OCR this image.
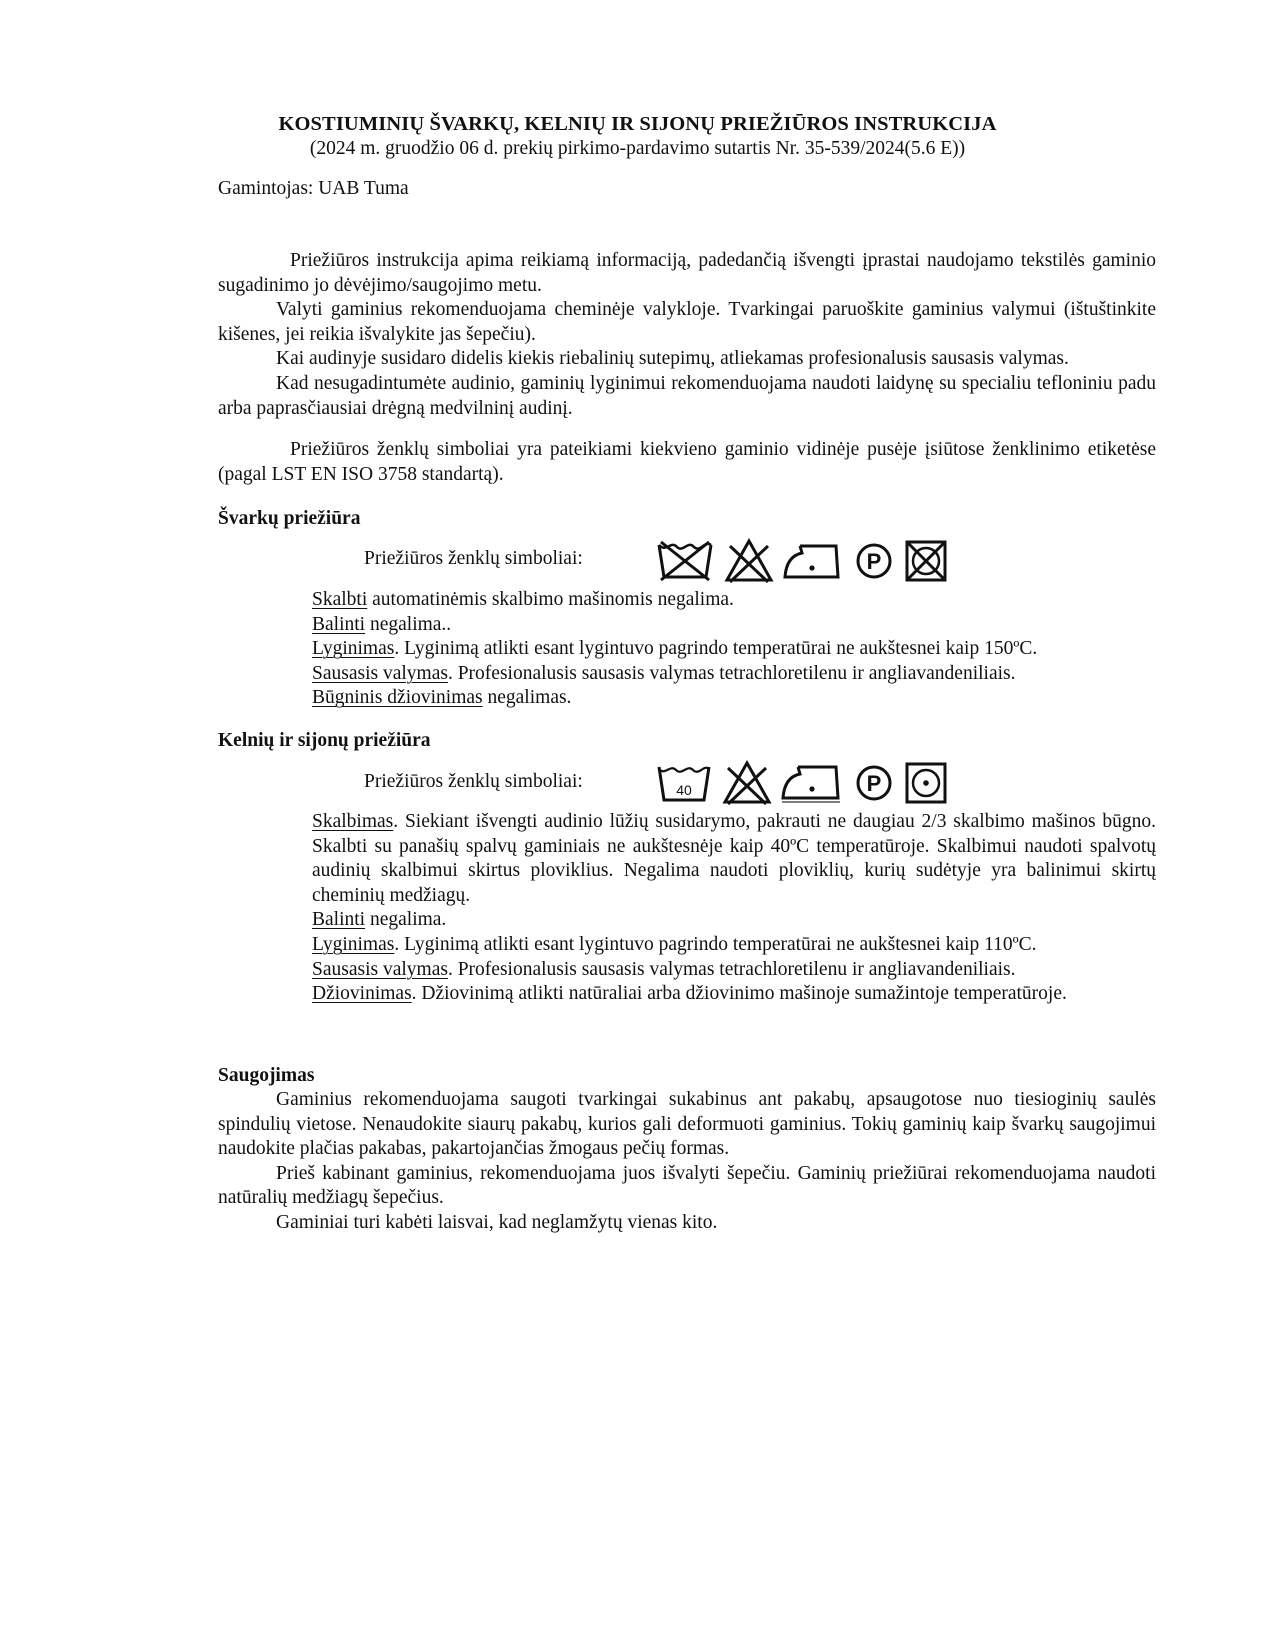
KOSTIUMINIŲ ŠVARKŲ, KELNIŲ IR SIJONŲ PRIEŽIŪROS INSTRUKCIJA
(2024 m. gruodžio 06 d. prekių pirkimo-pardavimo sutartis Nr. 35-539/2024(5.6 E))

Gamintojas: UAB Tuma

Priežiūros instrukcija apima reikiamą informaciją, padedančią išvengti įprastai naudojamo tekstilės gaminio sugadinimo jo dėvėjimo/saugojimo metu.

Valyti gaminius rekomenduojama cheminėje valykloje. Tvarkingai paruoškite gaminius valymui (ištuštinkite kišenes, jei reikia išvalykite jas šepečiu).

Kai audinyje susidaro didelis kiekis riebalinių sutepimų, atliekamas profesionalusis sausasis valymas.

Kad nesugadintumėte audinio, gaminių lyginimui rekomenduojama naudoti laidynę su specialiu tefloniniu padu arba paprasčiausiai drėgną medvilninį audinį.

Priežiūros ženklų simboliai yra pateikiami kiekvieno gaminio vidinėje pusėje įsiūtose ženklinimo etiketėse (pagal LST EN ISO 3758 standartą).

Švarkų priežiūra
Priežiūros ženklų simboliai:	P

Skalbti automatinėmis skalbimo mašinomis negalima.

Balinti negalima..

Lyginimas. Lyginimą atlikti esant lygintuvo pagrindo temperatūrai ne aukštesnei kaip 150ºC.

Sausasis valymas. Profesionalusis sausasis valymas tetrachloretilenu ir angliavandeniliais.

Būgninis džiovinimas negalimas.

Kelnių ir sijonų priežiūra
Priežiūros ženklų simboliai:	40	P

Skalbimas. Siekiant išvengti audinio lūžių susidarymo, pakrauti ne daugiau 2/3 skalbimo mašinos būgno. Skalbti su panašių spalvų gaminiais ne aukštesnėje kaip 40ºC temperatūroje. Skalbimui naudoti spalvotų audinių skalbimui skirtus ploviklius. Negalima naudoti ploviklių, kurių sudėtyje yra balinimui skirtų cheminių medžiagų.

Balinti negalima.

Lyginimas. Lyginimą atlikti esant lygintuvo pagrindo temperatūrai ne aukštesnei kaip 110ºC.

Sausasis valymas. Profesionalusis sausasis valymas tetrachloretilenu ir angliavandeniliais.

Džiovinimas. Džiovinimą atlikti natūraliai arba džiovinimo mašinoje sumažintoje temperatūroje.

Saugojimas

Gaminius rekomenduojama saugoti tvarkingai sukabinus ant pakabų, apsaugotose nuo tiesioginių saulės spindulių vietose. Nenaudokite siaurų pakabų, kurios gali deformuoti gaminius. Tokių gaminių kaip švarkų saugojimui naudokite plačias pakabas, pakartojančias žmogaus pečių formas.

Prieš kabinant gaminius, rekomenduojama juos išvalyti šepečiu. Gaminių priežiūrai rekomenduojama naudoti natūralių medžiagų šepečius.

Gaminiai turi kabėti laisvai, kad neglamžytų vienas kito.
